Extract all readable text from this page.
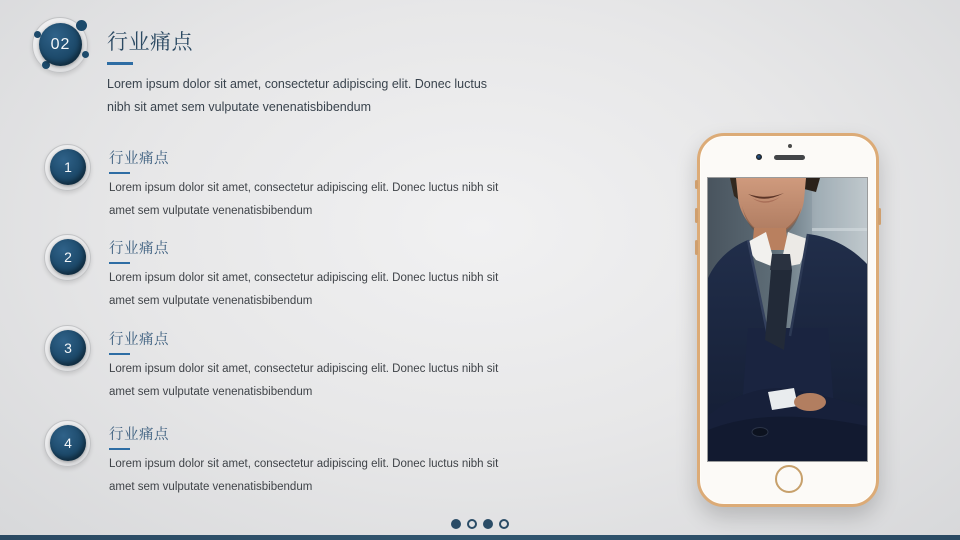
02	行业痛点
Lorem ipsum dolor sit amet, consectetur adipiscing elit. Donec luctus nibh sit amet sem vulputate venenatisbibendum
1	行业痛点
Lorem ipsum dolor sit amet, consectetur adipiscing elit. Donec luctus nibh sit amet sem vulputate venenatisbibendum
2	行业痛点
Lorem ipsum dolor sit amet, consectetur adipiscing elit. Donec luctus nibh sit amet sem vulputate venenatisbibendum
3	行业痛点
Lorem ipsum dolor sit amet, consectetur adipiscing elit. Donec luctus nibh sit amet sem vulputate venenatisbibendum
4	行业痛点
Lorem ipsum dolor sit amet, consectetur adipiscing elit. Donec luctus nibh sit amet sem vulputate venenatisbibendum
